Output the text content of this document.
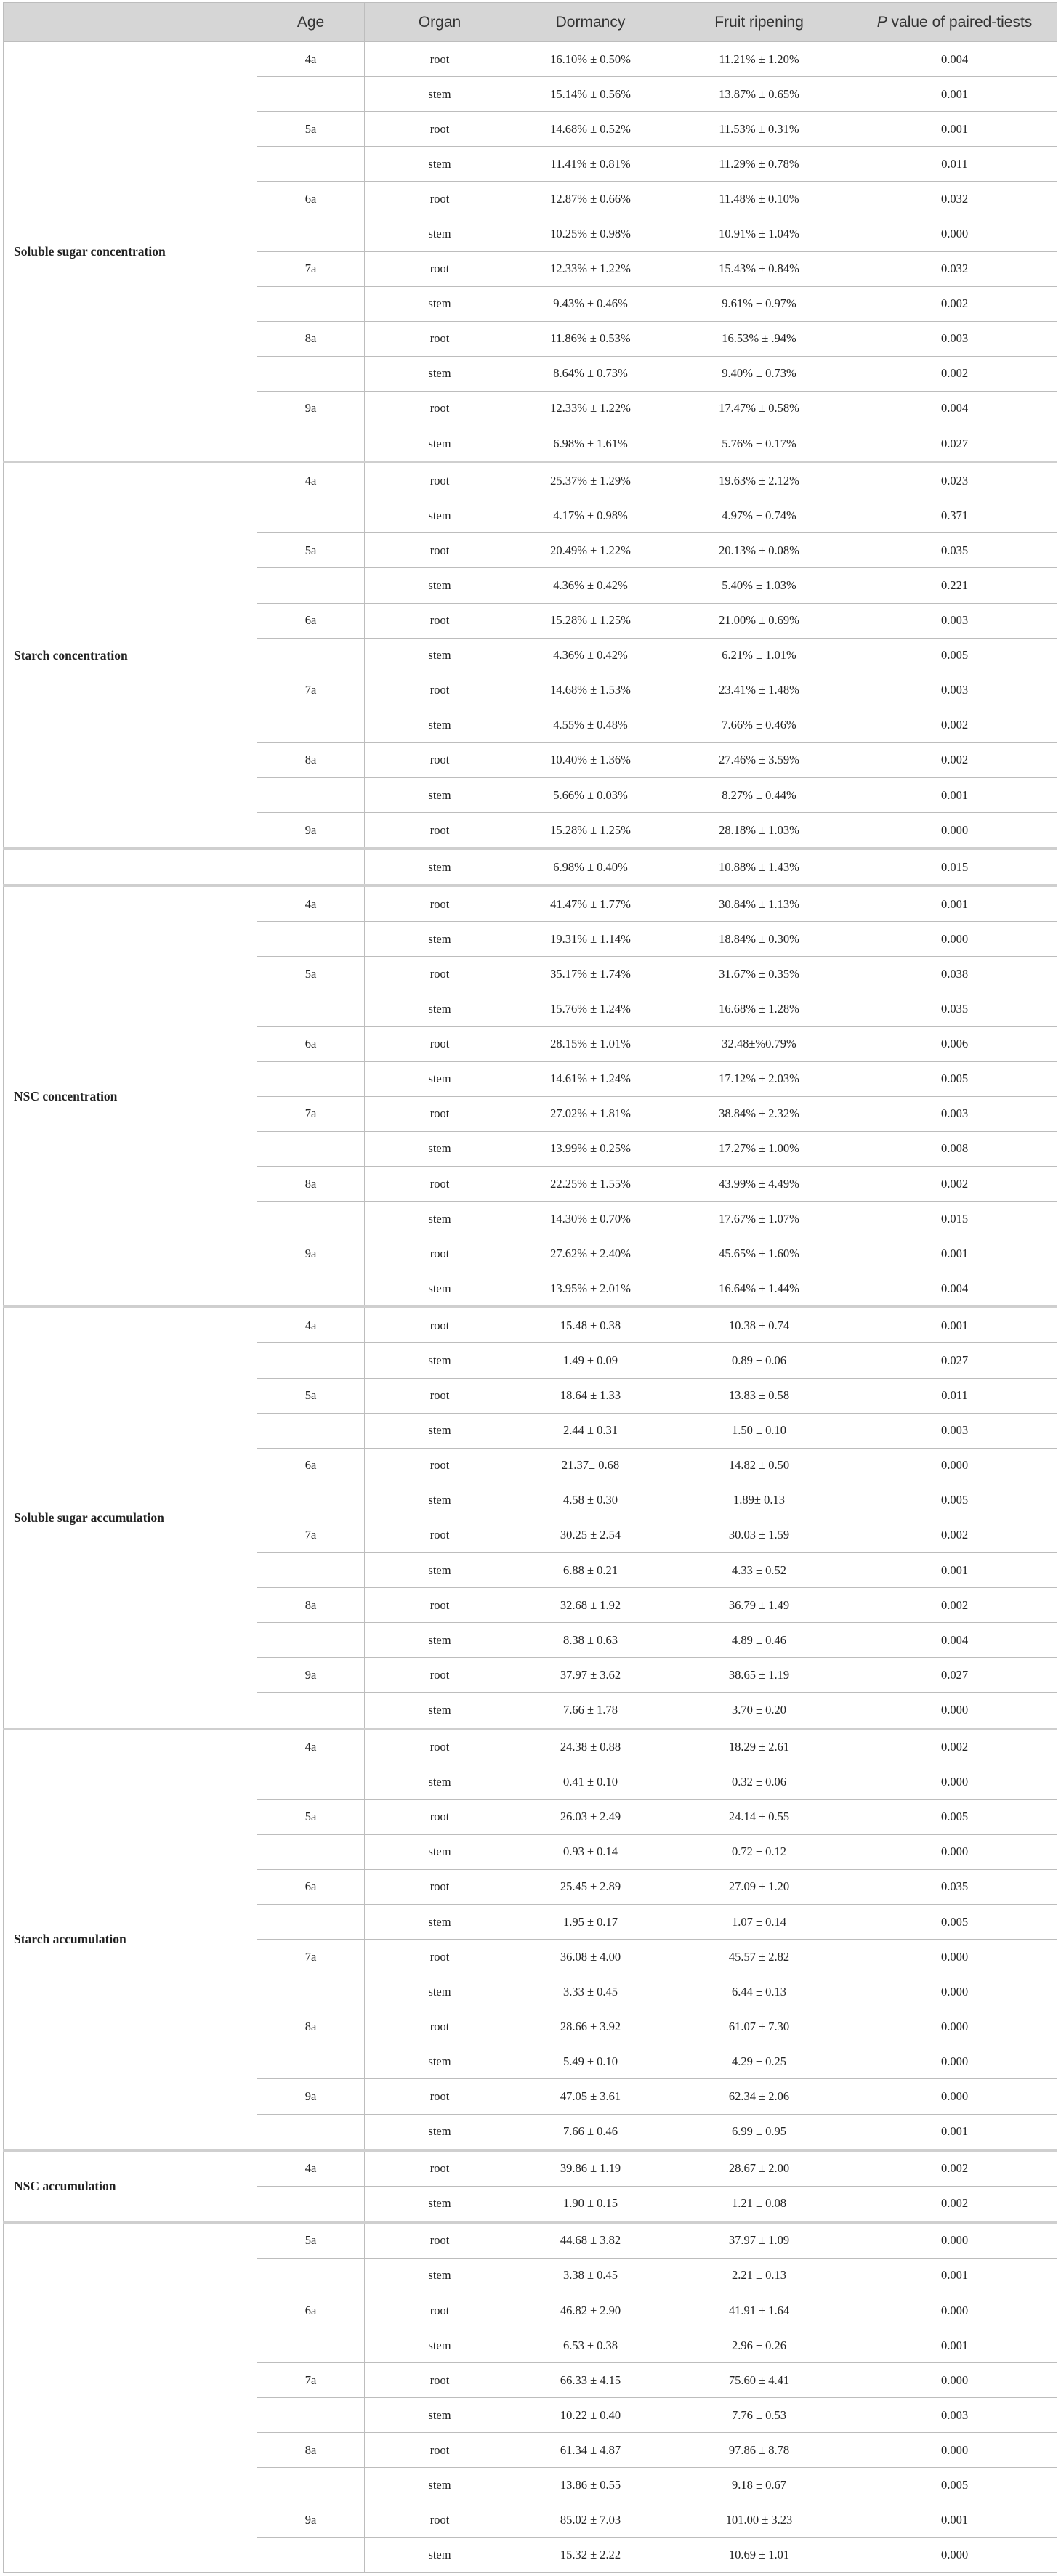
	Age	Organ	Dormancy	Fruit ripening	P value of paired-tiests
Soluble sugar concentration	4a	root	16.10% ± 0.50%	11.21% ± 1.20%	0.004
		stem	15.14% ± 0.56%	13.87% ± 0.65%	0.001
	5a	root	14.68% ± 0.52%	11.53% ± 0.31%	0.001
		stem	11.41% ± 0.81%	11.29% ± 0.78%	0.011
	6a	root	12.87% ± 0.66%	11.48% ± 0.10%	0.032
		stem	10.25% ± 0.98%	10.91% ± 1.04%	0.000
	7a	root	12.33% ± 1.22%	15.43% ± 0.84%	0.032
		stem	9.43% ± 0.46%	9.61% ± 0.97%	0.002
	8a	root	11.86% ± 0.53%	16.53% ± .94%	0.003
		stem	8.64% ± 0.73%	9.40% ± 0.73%	0.002
	9a	root	12.33% ± 1.22%	17.47% ± 0.58%	0.004
		stem	6.98% ± 1.61%	5.76% ± 0.17%	0.027
Starch concentration	4a	root	25.37% ± 1.29%	19.63% ± 2.12%	0.023
		stem	4.17% ± 0.98%	4.97% ± 0.74%	0.371
	5a	root	20.49% ± 1.22%	20.13% ± 0.08%	0.035
		stem	4.36% ± 0.42%	5.40% ± 1.03%	0.221
	6a	root	15.28% ± 1.25%	21.00% ± 0.69%	0.003
		stem	4.36% ± 0.42%	6.21% ± 1.01%	0.005
	7a	root	14.68% ± 1.53%	23.41% ± 1.48%	0.003
		stem	4.55% ± 0.48%	7.66% ± 0.46%	0.002
	8a	root	10.40% ± 1.36%	27.46% ± 3.59%	0.002
		stem	5.66% ± 0.03%	8.27% ± 0.44%	0.001
	9a	root	15.28% ± 1.25%	28.18% ± 1.03%	0.000
		stem	6.98% ± 0.40%	10.88% ± 1.43%	0.015
NSC concentration	4a	root	41.47% ± 1.77%	30.84% ± 1.13%	0.001
		stem	19.31% ± 1.14%	18.84% ± 0.30%	0.000
	5a	root	35.17% ± 1.74%	31.67% ± 0.35%	0.038
		stem	15.76% ± 1.24%	16.68% ± 1.28%	0.035
	6a	root	28.15% ± 1.01%	32.48±%0.79%	0.006
		stem	14.61% ± 1.24%	17.12% ± 2.03%	0.005
	7a	root	27.02% ± 1.81%	38.84% ± 2.32%	0.003
		stem	13.99% ± 0.25%	17.27% ± 1.00%	0.008
	8a	root	22.25% ± 1.55%	43.99% ± 4.49%	0.002
		stem	14.30% ± 0.70%	17.67% ± 1.07%	0.015
	9a	root	27.62% ± 2.40%	45.65% ± 1.60%	0.001
		stem	13.95% ± 2.01%	16.64% ± 1.44%	0.004
Soluble sugar accumulation	4a	root	15.48 ± 0.38	10.38 ± 0.74	0.001
		stem	1.49 ± 0.09	0.89 ± 0.06	0.027
	5a	root	18.64 ± 1.33	13.83 ± 0.58	0.011
		stem	2.44 ± 0.31	1.50 ± 0.10	0.003
	6a	root	21.37± 0.68	14.82 ± 0.50	0.000
		stem	4.58 ± 0.30	1.89± 0.13	0.005
	7a	root	30.25 ± 2.54	30.03 ± 1.59	0.002
		stem	6.88 ± 0.21	4.33 ± 0.52	0.001
	8a	root	32.68 ± 1.92	36.79 ± 1.49	0.002
		stem	8.38 ± 0.63	4.89 ± 0.46	0.004
	9a	root	37.97 ± 3.62	38.65 ± 1.19	0.027
		stem	7.66 ± 1.78	3.70 ± 0.20	0.000
Starch accumulation	4a	root	24.38 ± 0.88	18.29 ± 2.61	0.002
		stem	0.41 ± 0.10	0.32 ± 0.06	0.000
	5a	root	26.03 ± 2.49	24.14 ± 0.55	0.005
		stem	0.93 ± 0.14	0.72 ± 0.12	0.000
	6a	root	25.45 ± 2.89	27.09 ± 1.20	0.035
		stem	1.95 ± 0.17	1.07 ± 0.14	0.005
	7a	root	36.08 ± 4.00	45.57 ± 2.82	0.000
		stem	3.33 ± 0.45	6.44 ± 0.13	0.000
	8a	root	28.66 ± 3.92	61.07 ± 7.30	0.000
		stem	5.49 ± 0.10	4.29 ± 0.25	0.000
	9a	root	47.05 ± 3.61	62.34 ± 2.06	0.000
		stem	7.66 ± 0.46	6.99 ± 0.95	0.001
NSC accumulation	4a	root	39.86 ± 1.19	28.67 ± 2.00	0.002
		stem	1.90 ± 0.15	1.21 ± 0.08	0.002
	5a	root	44.68 ± 3.82	37.97 ± 1.09	0.000
		stem	3.38 ± 0.45	2.21 ± 0.13	0.001
	6a	root	46.82 ± 2.90	41.91 ± 1.64	0.000
		stem	6.53 ± 0.38	2.96 ± 0.26	0.001
	7a	root	66.33 ± 4.15	75.60 ± 4.41	0.000
		stem	10.22 ± 0.40	7.76 ± 0.53	0.003
	8a	root	61.34 ± 4.87	97.86 ± 8.78	0.000
		stem	13.86 ± 0.55	9.18 ± 0.67	0.005
	9a	root	85.02 ± 7.03	101.00 ± 3.23	0.001
		stem	15.32 ± 2.22	10.69 ± 1.01	0.000
